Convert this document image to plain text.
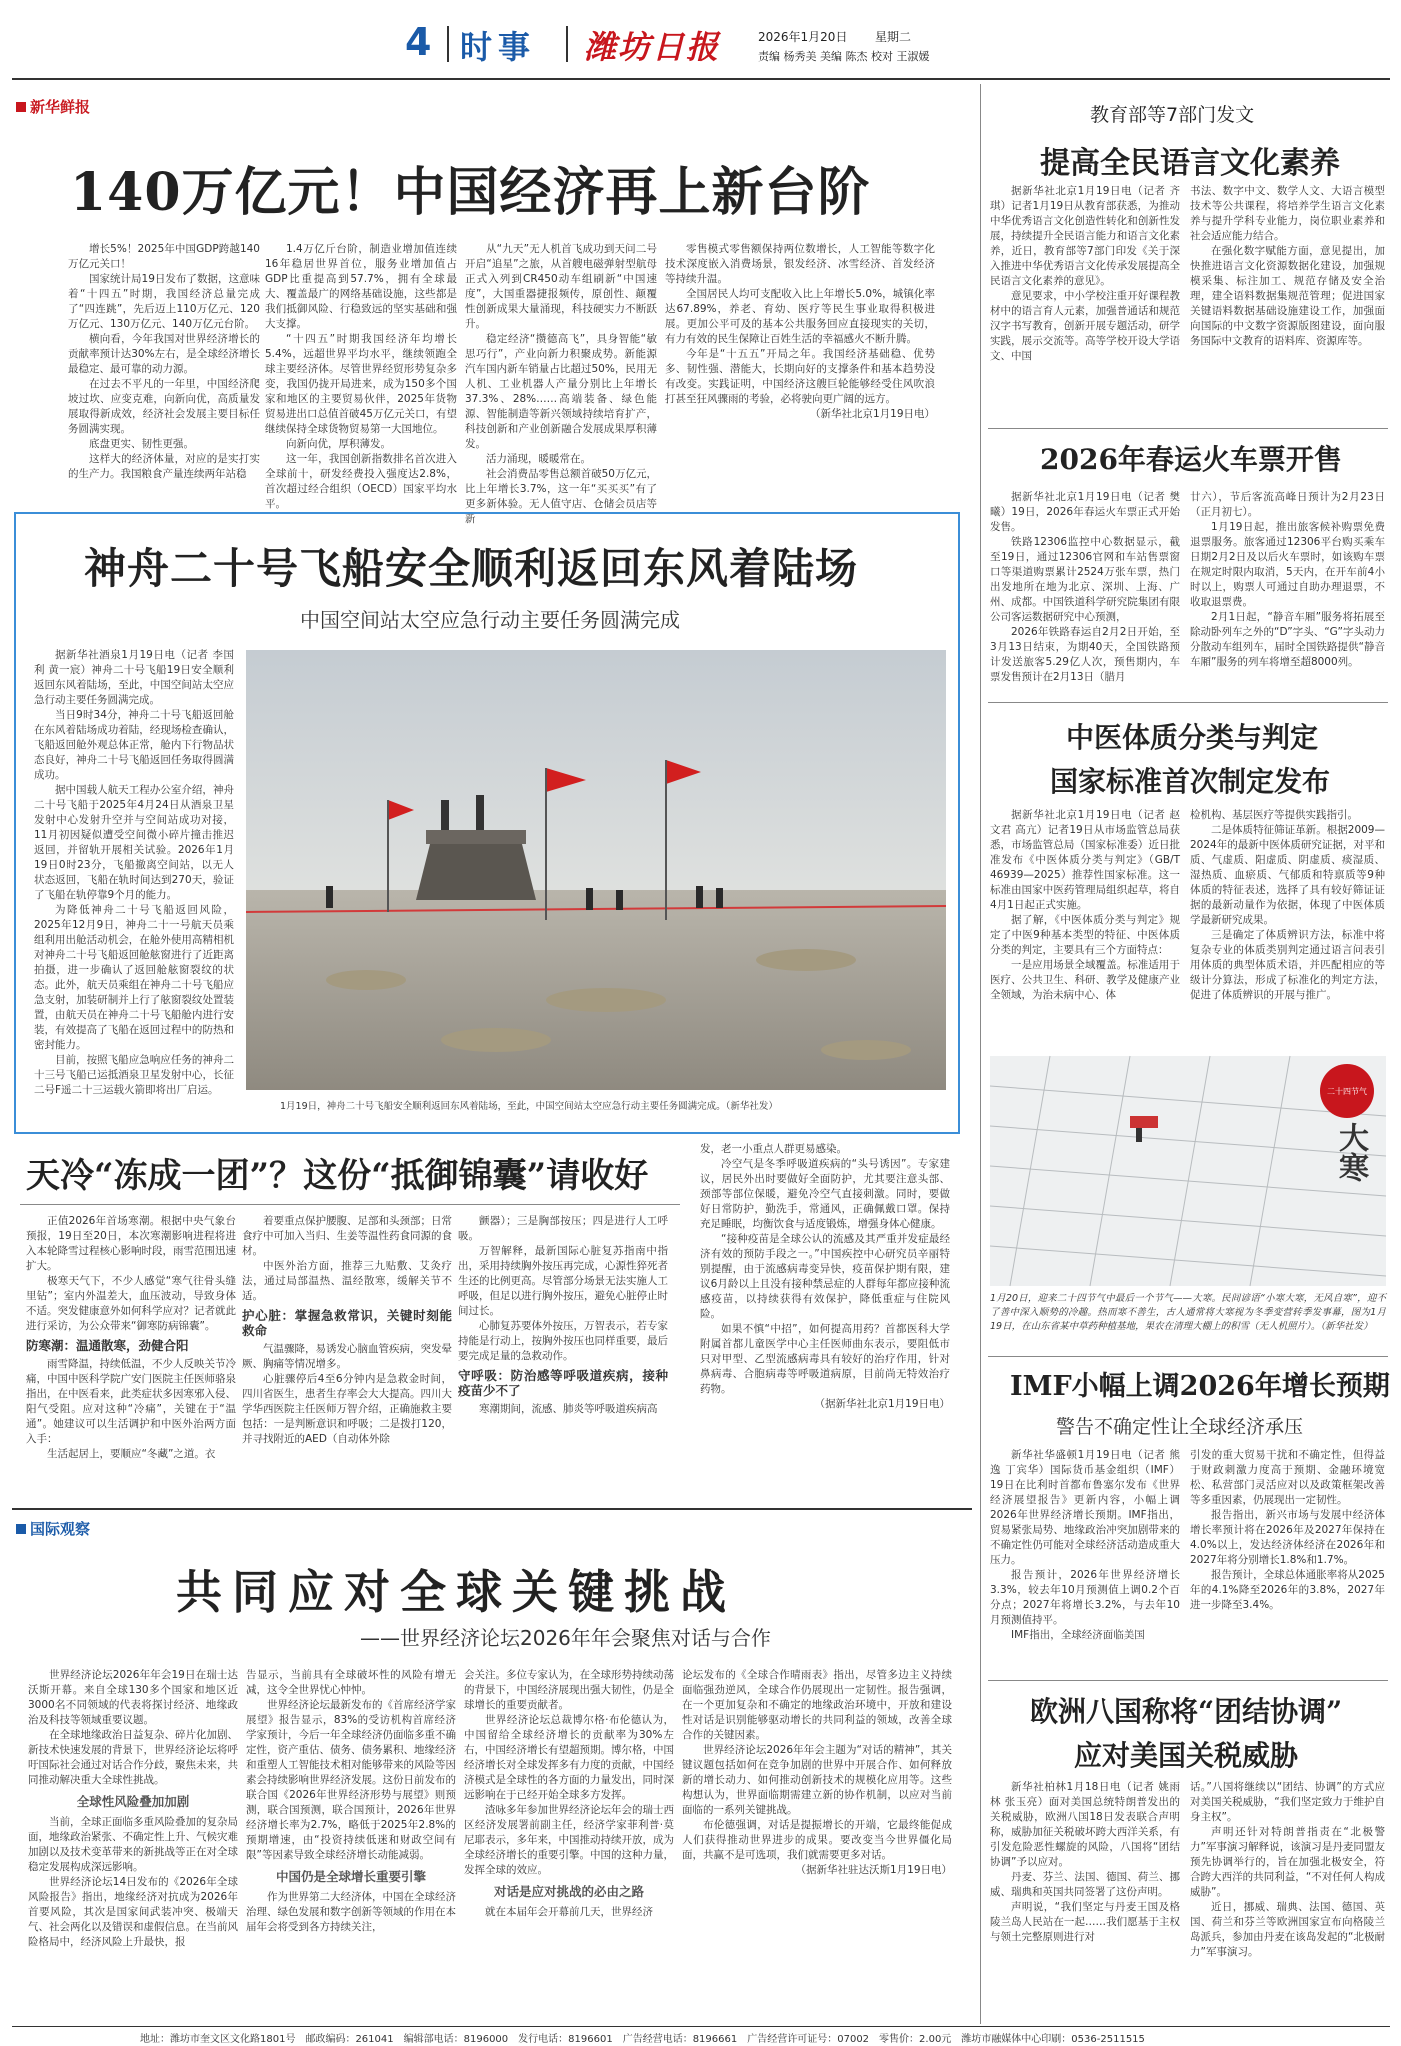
4 时事 潍坊日报	2026年1月20日 星期二
责编 杨秀美 美编 陈杰 校对 王淑媛
新华鲜报
140万亿元！中国经济再上新台阶

增长5%！2025年中国GDP跨越140万亿元关口！

国家统计局19日发布了数据，这意味着“十四五”时期，我国经济总量完成了“四连跳”，先后迈上110万亿元、120万亿元、130万亿元、140万亿元台阶。

横向看，今年我国对世界经济增长的贡献率预计达30%左右，是全球经济增长最稳定、最可靠的动力源。

在过去不平凡的一年里，中国经济爬坡过坎、应变克难，向新向优，高质量发展取得新成效，经济社会发展主要目标任务圆满实现。

底盘更实、韧性更强。

这样大的经济体量，对应的是实打实的生产力。我国粮食产量连续两年站稳

1.4万亿斤台阶，制造业增加值连续16年稳居世界首位，服务业增加值占GDP比重提高到57.7%，拥有全球最大、覆盖最广的网络基础设施，这些都是我们抵御风险、行稳致远的坚实基础和强大支撑。

“十四五”时期我国经济年均增长5.4%，远超世界平均水平，继续领跑全球主要经济体。尽管世界经贸形势复杂多变，我国仍拢开局进来，成为150多个国家和地区的主要贸易伙伴，2025年货物贸易进出口总值首破45万亿元关口，有望继续保持全球货物贸易第一大国地位。

向新向优，厚积薄发。

这一年，我国创新指数排名首次进入全球前十，研发经费投入强度达2.8%，首次超过经合组织（OECD）国家平均水平。

从“九天”无人机首飞成功到天问二号开启“追星”之旅，从首艘电磁弹射型航母正式入列到CR450动车组刷新“中国速度”，大国重器捷报频传，原创性、颠覆性创新成果大量涌现，科技硬实力不断跃升。

稳定经济“攒德高飞”，具身智能“敏思巧行”，产业向新力积聚成势。新能源汽车国内新车销量占比超过50%，民用无人机、工业机器人产量分别比上年增长37.3%、28%……高端装备、绿色能源、智能制造等新兴领域持续培育扩产，科技创新和产业创新融合发展成果厚积薄发。

活力涌现，暖暖常在。

社会消费品零售总额首破50万亿元，比上年增长3.7%，这一年“买买买”有了更多新体验。无人值守店、仓储会员店等新

零售模式零售额保持两位数增长，人工智能等数字化技术深度嵌入消费场景，银发经济、冰雪经济、首发经济等持续升温。

全国居民人均可支配收入比上年增长5.0%，城镇化率达67.89%，养老、育幼、医疗等民生事业取得积极进展。更加公平可及的基本公共服务回应直接现实的关切，有力有效的民生保障让百姓生活的幸福感火不断升腾。

今年是“十五五”开局之年。我国经济基础稳、优势多、韧性强、潜能大，长期向好的支撑条件和基本趋势没有改变。实践证明，中国经济这艘巨轮能够经受住风吹浪打甚至狂风骤雨的考验，必将驶向更广阔的远方。

（新华社北京1月19日电）

神舟二十号飞船安全顺利返回东风着陆场
中国空间站太空应急行动主要任务圆满完成

据新华社酒泉1月19日电（记者 李国利 黄一宸）神舟二十号飞船19日安全顺利返回东风着陆场，至此，中国空间站太空应急行动主要任务圆满完成。

当日9时34分，神舟二十号飞船返回舱在东风着陆场成功着陆，经现场检查确认，飞船返回舱外观总体正常，舱内下行物品状态良好，神舟二十号飞船返回任务取得圆满成功。

据中国载人航天工程办公室介绍，神舟二十号飞船于2025年4月24日从酒泉卫星发射中心发射升空并与空间站成功对接，11月初因疑似遭受空间微小碎片撞击推迟返回，并留轨开展相关试验。2026年1月19日0时23分，飞船撤离空间站，以无人状态返回，飞船在轨时间达到270天，验证了飞船在轨停靠9个月的能力。

为降低神舟二十号飞船返回风险，2025年12月9日，神舟二十一号航天员乘组利用出舱活动机会，在舱外使用高精相机对神舟二十号飞船返回舱舷窗进行了近距离拍摄，进一步确认了返回舱舷窗裂纹的状态。此外，航天员乘组在神舟二十号飞船应急支射，加装研制并上行了舷窗裂纹处置装置，由航天员在神舟二十号飞船舱内进行安装，有效提高了飞船在返回过程中的防热和密封能力。

目前，按照飞船应急响应任务的神舟二十三号飞船已运抵酒泉卫星发射中心，长征二号F遥二十三运载火箭即将出厂启运。

1月19日，神舟二十号飞船安全顺利返回东风着陆场，至此，中国空间站太空应急行动主要任务圆满完成。（新华社发）
天冷“冻成一团”？这份“抵御锦囊”请收好

正值2026年首场寒潮。根据中央气象台预报，19日至20日，本次寒潮影响进程将进入本轮降雪过程核心影响时段，雨雪范围迅速扩大。

极寒天气下，不少人感觉“寒气往骨头缝里钻”；室内外温差大，血压波动，导致身体不适。突发健康意外如何科学应对？记者就此进行采访，为公众带来“御寒防病锦囊”。

防寒潮：温通散寒，劲健合阳

雨雪降温，持续低温，不少人反映关节冷痛，中国中医科学院广安门医院主任医师骆泉指出，在中医看来，此类症状多因寒邪入侵、阳气受阻。应对这种“冷痛”，关键在于“温通”。她建议可以生活调护和中医外治两方面入手：

生活起居上，要顺应“冬藏”之道。衣

着要重点保护腰腹、足部和头颈部；日常食疗中可加入当归、生姜等温性药食同源的食材。

中医外治方面，推荐三九贴敷、艾灸疗法，通过局部温热、温经散寒，缓解关节不适。

护心脏：掌握急救常识，关键时刻能救命

气温骤降，易诱发心脑血管疾病，突发晕厥、胸痛等情况增多。

心脏骤停后4至6分钟内是急救金时间，四川省医生，患者生存率会大大提高。四川大学华西医院主任医师万智介绍，正确施救主要包括：一是判断意识和呼吸；二是拨打120，并寻找附近的AED（自动体外除

颤器）；三是胸部按压；四是进行人工呼吸。

万智解释，最新国际心脏复苏指南中指出，采用持续胸外按压再完成，心源性猝死者生还的比例更高。尽管部分场景无法实施人工呼吸，但足以进行胸外按压，避免心脏停止时间过长。

心肺复苏要体外按压，万智表示，若专家持能是行动上，按胸外按压也同样重要，最后要完成足量的急救动作。

守呼吸：防治感等呼吸道疾病，接种疫苗少不了

寒潮期间，流感、肺炎等呼吸道疾病高

发，老一小重点人群更易感染。

冷空气是冬季呼吸道疾病的“头号诱因”。专家建议，居民外出时要做好全面防护，尤其要注意头部、颈部等部位保暖，避免冷空气直接刺激。同时，要做好日常防护，勤洗手，常通风，正确佩戴口罩。保持充足睡眠，均衡饮食与适度锻炼，增强身体心健康。

“接种疫苗是全球公认的流感及其严重并发症最经济有效的预防手段之一。”中国疾控中心研究员辛丽特别提醒，由于流感病毒变异快，疫苗保护期有限，建议6月龄以上且没有接种禁忌症的人群每年都应接种流感疫苗，以持续获得有效保护，降低重症与住院风险。

如果不慎“中招”，如何提高用药？首都医科大学附属首都儿童医学中心主任医师曲东表示，要阻低市只对甲型、乙型流感病毒具有较好的治疗作用，针对鼻病毒、合胞病毒等呼吸道病原，目前尚无特效治疗药物。

（据新华社北京1月19日电）

国际观察
共同应对全球关键挑战
——世界经济论坛2026年年会聚焦对话与合作

世界经济论坛2026年年会19日在瑞士达沃斯开幕。来自全球130多个国家和地区近3000名不同领域的代表将探讨经济、地缘政治及科技等领域重要议题。

在全球地缘政治日益复杂、碎片化加剧、新技术快速发展的背景下，世界经济论坛将呼吁国际社会通过对话合作分歧，聚焦未来，共同推动解决重大全球性挑战。

全球性风险叠加加剧

当前，全球正面临多重风险叠加的复杂局面，地缘政治紧张、不确定性上升、气候灾难加剧以及技术变革带来的新挑战等正在对全球稳定发展构成深远影响。

世界经济论坛14日发布的《2026年全球风险报告》指出，地缘经济对抗成为2026年首要风险，其次是国家间武装冲突、极端天气、社会两化以及错误和虚假信息。在当前风险格局中，经济风险上升最快，报

告显示，当前具有全球破坏性的风险有增无减，这令全世界忧心忡忡。

世界经济论坛最新发布的《首席经济学家展望》报告显示，83%的受访机构首席经济学家预计，今后一年全球经济仍面临多重不确定性，资产重估、债务、债务累积、地缘经济和重塑人工智能技术相对能够带来的风险等因素会持续影响世界经济发展。这份日前发布的联合国《2026年世界经济形势与展望》则预测，联合国预测，联合国预计，2026年世界经济增长率为2.7%，略低于2025年2.8%的预期增速，由“投资持续低迷和财政空间有限”等因素导致全球经济增长动能减弱。

中国仍是全球增长重要引擎

作为世界第二大经济体，中国在全球经济治理、绿色发展和数字创新等领域的作用在本届年会将受到各方持续关注，

会关注。多位专家认为，在全球形势持续动荡的背景下，中国经济展现出强大韧性，仍是全球增长的重要贡献者。

世界经济论坛总裁博尔格·布伦德认为，中国留给全球经济增长的贡献率为30%左右，中国经济增长有望超预期。博尔格，中国经济增长对全球发挥多有力度的贡献，中国经济模式是全球性的各方面的力量发出，同时深远影响在于已经开始全球多方发挥。

渣咏多年参加世界经济论坛年会的瑞士西区经济发展署前副主任，经济学家菲利普·莫尼耶表示，多年来，中国推动持续开放，成为全球经济增长的重要引擎。中国的这种力量，发挥全球的效应。

对话是应对挑战的必由之路

就在本届年会开幕前几天，世界经济

论坛发布的《全球合作晴雨表》指出，尽管多边主义持续面临强劲逆风，全球合作仍展现出一定韧性。报告强调，在一个更加复杂和不确定的地缘政治环境中，开放和建设性对话是识别能够驱动增长的共同利益的领域，改善全球合作的关键因素。

世界经济论坛2026年年会主题为“对话的精神”，其关键议题包括如何在竞争加剧的世界中开展合作、如何释放新的增长动力、如何推动创新技术的规模化应用等。这些构想认为，世界面临期需建立新的协作机制，以应对当前面临的一系列关键挑战。

布伦德强调，对话是提振增长的开端，它最终能促成人们获得推动世界进步的成果。要改变当今世界僵化局面，共赢不是可选项，我们就需要更多对话。

（据新华社驻达沃斯1月19日电）

教育部等7部门发文
提高全民语言文化素养

据新华社北京1月19日电（记者 齐琪）记者1月19日从教育部获悉，为推动中华优秀语言文化创造性转化和创新性发展，持续提升全民语言能力和语言文化素养，近日，教育部等7部门印发《关于深入推进中华优秀语言文化传承发展提高全民语言文化素养的意见》。

意见要求，中小学校注重开好课程教材中的语言育人元素，加强普通话和规范汉字书写教育，创新开展专题活动，研学实践，展示交流等。高等学校开设大学语文、中国

书法、数字中文、数学人文、大语言模型技术等公共课程，将培养学生语言文化素养与提升学科专业能力，岗位职业素养和社会适应能力结合。

在强化数字赋能方面，意见提出，加快推进语言文化资源数据化建设，加强规模采集、标注加工、规范存储及安全治理，建全语料数据集规范管理；促进国家关键语料数据基础设施建设工作，加强面向国际的中文数字资源版图建设，面向服务国际中文教育的语料库、资源库等。

2026年春运火车票开售

据新华社北京1月19日电（记者 樊曦）19日，2026年春运火车票正式开始发售。

铁路12306监控中心数据显示，截至19日，通过12306官网和车站售票窗口等渠道购票累计2524万张车票，热门出发地所在地为北京、深圳、上海、广州、成都。中国铁道科学研究院集团有限公司客运数据研究中心预测，

2026年铁路春运自2月2日开始，至3月13日结束，为期40天，全国铁路预计发送旅客5.29亿人次，预售期内，车票发售预计在2月13日（腊月

廿六），节后客流高峰日预计为2月23日（正月初七）。

1月19日起，推出旅客候补购票免费退票服务。旅客通过12306平台购买乘车日期2月2日及以后火车票时，如该购车票在规定时限内取消，5天内，在开车前4小时以上，购票人可通过自助办理退票，不收取退票费。

2月1日起，“静音车厢”服务将拓展至除动卧列车之外的“D”字头、“G”字头动力分散动车组列车，届时全国铁路提供“静音车厢”服务的列车将增至超8000列。

中医体质分类与判定
国家标准首次制定发布

据新华社北京1月19日电（记者 赵文君 高亢）记者19日从市场监管总局获悉，市场监管总局（国家标准委）近日批准发布《中医体质分类与判定》（GB/T 46939—2025）推荐性国家标准。这一标准由国家中医药管理局组织起草，将自4月1日起正式实施。

据了解，《中医体质分类与判定》规定了中医9种基本类型的特征、中医体质分类的判定，主要具有三个方面特点：

一是应用场景全域覆盖。标准适用于医疗、公共卫生、科研、教学及健康产业全领域，为治未病中心、体

检机构、基层医疗等提供实践指引。

二是体质特征筛证革新。根据2009—2024年的最新中医体质研究证据，对平和质、气虚质、阳虚质、阴虚质、痰湿质、湿热质、血瘀质、气郁质和特禀质等9种体质的特征表述，选择了具有较好筛证证据的最新动量作为依据，体现了中医体质学最新研究成果。

三是确定了体质辨识方法，标准中将复杂专业的体质类别判定通过语言问表引用体质的典型体质术语，并匹配相应的等级计分算法，形成了标准化的判定方法，促进了体质辨识的开展与推广。

二十四节气
大寒
1月20日，迎来二十四节气中最后一个节气——大寒。民间谚语“小寒大寒，无风自寒”，迎不了善中深入顺势的冷趣。热而寒不善生，古人通常将大寒视为冬季变营转季发事幕，图为1月19日，在山东省某中草药种植基地，果农在清理大棚上的积雪（无人机照片）。（新华社发）
IMF小幅上调2026年增长预期
警告不确定性让全球经济承压

新华社华盛顿1月19日电（记者 熊逸 丁宾华）国际货币基金组织（IMF）19日在比利时首都布鲁塞尔发布《世界经济展望报告》更新内容，小幅上调2026年世界经济增长预期。IMF指出，贸易紧张局势、地缘政治冲突加剧带来的不确定性仍可能对全球经济活动造成重大压力。

报告预计，2026年世界经济增长3.3%，较去年10月预测值上调0.2个百分点；2027年将增长3.2%，与去年10月预测值持平。

IMF指出，全球经济面临美国

引发的重大贸易干扰和不确定性，但得益于财政刺激力度高于预期、金融环境宽松、私营部门灵活应对以及政策框架改善等多重因素，仍展现出一定韧性。

报告指出，新兴市场与发展中经济体增长率预计将在2026年及2027年保持在4.0%以上，发达经济体经济在2026年和2027年将分别增长1.8%和1.7%。

报告预计，全球总体通胀率将从2025年的4.1%降至2026年的3.8%，2027年进一步降至3.4%。

欧洲八国称将“团结协调”
应对美国关税威胁

新华社柏林1月18日电（记者 姚雨林 张玉亮）面对美国总统特朗普发出的关税威胁，欧洲八国18日发表联合声明称，威胁加征关税破坏跨大西洋关系，有引发危险恶性螺旋的风险，八国将“团结协调”予以应对。

丹麦、芬兰、法国、德国、荷兰、挪威、瑞典和英国共同签署了这份声明。

声明说，“我们坚定与丹麦王国及格陵兰岛人民站在一起……我们愿基于主权与领土完整原则进行对

话。”八国将继续以“团结、协调”的方式应对美国关税威胁，“我们坚定致力于维护自身主权”。

声明还针对特朗普指责在“北极警力”军事演习解释说，该演习是丹麦同盟友预先协调举行的，旨在加强北极安全，符合跨大西洋的共同利益，“不对任何人构成威胁”。

近日，挪威、瑞典、法国、德国、英国、荷兰和芬兰等欧洲国家宣布向格陵兰岛派兵，参加由丹麦在该岛发起的“北极耐力”军事演习。

地址：潍坊市奎文区文化路1801号　邮政编码：261041　编辑部电话：8196000　发行电话：8196601　广告经营电话：8196661　广告经营许可证号：07002　零售价：2.00元　潍坊市融媒体中心印刷：0536-2511515
